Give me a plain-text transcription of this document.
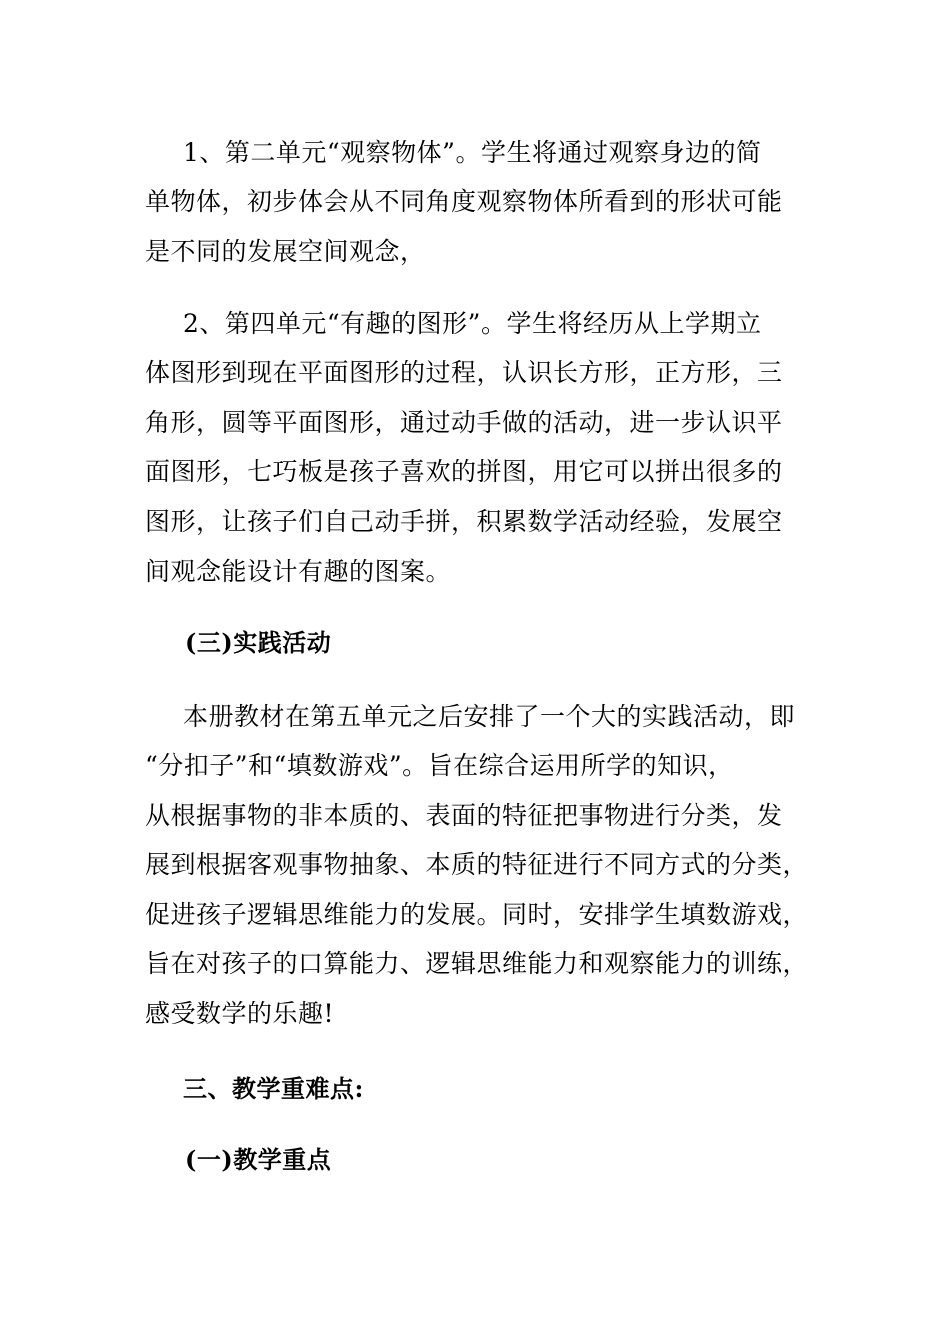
1、第二单元“观察物体”。学生将通过观察身边的简
单物体，初步体会从不同角度观察物体所看到的形状可能
是不同的发展空间观念，
2、第四单元“有趣的图形”。学生将经历从上学期立
体图形到现在平面图形的过程，认识长方形，正方形，三
角形，圆等平面图形，通过动手做的活动，进一步认识平
面图形，七巧板是孩子喜欢的拼图，用它可以拼出很多的
图形，让孩子们自己动手拼，积累数学活动经验，发展空
间观念能设计有趣的图案。
(三)实践活动
本册教材在第五单元之后安排了一个大的实践活动，即
“分扣子”和“填数游戏”。旨在综合运用所学的知识，
从根据事物的非本质的、表面的特征把事物进行分类，发
展到根据客观事物抽象、本质的特征进行不同方式的分类，
促进孩子逻辑思维能力的发展。同时，安排学生填数游戏，
旨在对孩子的口算能力、逻辑思维能力和观察能力的训练，
感受数学的乐趣!
三、教学重难点:
(一)教学重点
